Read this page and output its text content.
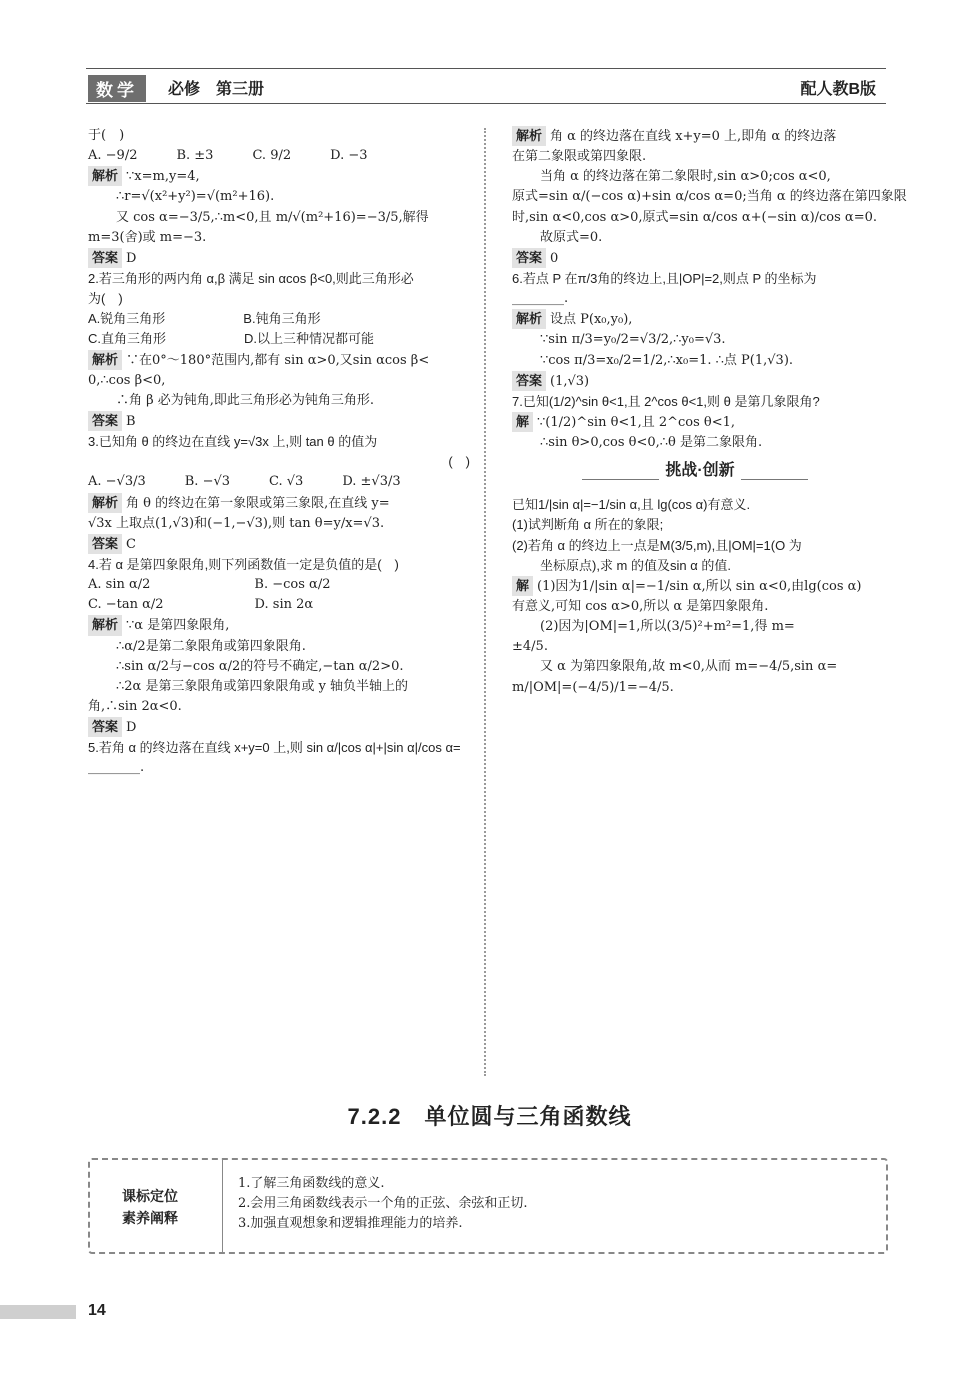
数学	必修　第三册	配人教B版
于(　)
A. −9/2　　　B. ±3　　　C. 9/2　　　D. −3
解析 ∵x=m,y=4,
∴r=√(x²+y²)=√(m²+16).
又 cos α=−3/5,∴m<0,且 m/√(m²+16)=−3/5,解得
m=3(舍)或 m=−3.
答案 D
2.若三角形的两内角 α,β 满足 sin αcos β<0,则此三角形必
为(　)
A.锐角三角形　　　　　　B.钝角三角形
C.直角三角形　　　　　　D.以上三种情况都可能
解析 ∵在0°～180°范围内,都有 sin α>0,又sin αcos β<
0,∴cos β<0,
∴角 β 必为钝角,即此三角形必为钝角三角形.
答案 B
3.已知角 θ 的终边在直线 y=√3x 上,则 tan θ 的值为
(　)
A. −√3/3　　　B. −√3　　　C. √3　　　D. ±√3/3
解析 角 θ 的终边在第一象限或第三象限,在直线 y=
√3x 上取点(1,√3)和(−1,−√3),则 tan θ=y/x=√3.
答案 C
4.若 α 是第四象限角,则下列函数值一定是负值的是(　)
A. sin α/2　　　　　　　　B. −cos α/2
C. −tan α/2　　　　　　　D. sin 2α
解析 ∵α 是第四象限角,
∴α/2是第二象限角或第四象限角.
∴sin α/2与−cos α/2的符号不确定,−tan α/2>0.
∴2α 是第三象限角或第四象限角或 y 轴负半轴上的
角,∴sin 2α<0.
答案 D
5.若角 α 的终边落在直线 x+y=0 上,则 sin α/|cos α|+|sin α|/cos α=
________.
解析 角 α 的终边落在直线 x+y=0 上,即角 α 的终边落
在第二象限或第四象限.
当角 α 的终边落在第二象限时,sin α>0;cos α<0,
原式=sin α/(−cos α)+sin α/cos α=0;当角 α 的终边落在第四象限
时,sin α<0,cos α>0,原式=sin α/cos α+(−sin α)/cos α=0.
故原式=0.
答案 0
6.若点 P 在π/3角的终边上,且|OP|=2,则点 P 的坐标为
________.
解析 设点 P(x₀,y₀),
∵sin π/3=y₀/2=√3/2,∴y₀=√3.
∵cos π/3=x₀/2=1/2,∴x₀=1. ∴点 P(1,√3).
答案 (1,√3)
7.已知(1/2)^sin θ<1,且 2^cos θ<1,则 θ 是第几象限角?
解 ∵(1/2)^sin θ<1,且 2^cos θ<1,
∴sin θ>0,cos θ<0,∴θ 是第二象限角.
挑战·创新
已知1/|sin α|=−1/sin α,且 lg(cos α)有意义.
(1)试判断角 α 所在的象限;
(2)若角 α 的终边上一点是M(3/5,m),且|OM|=1(O 为
坐标原点),求 m 的值及sin α 的值.
解 (1)因为1/|sin α|=−1/sin α,所以 sin α<0,由lg(cos α)
有意义,可知 cos α>0,所以 α 是第四象限角.
(2)因为|OM|=1,所以(3/5)²+m²=1,得 m=
±4/5.
又 α 为第四象限角,故 m<0,从而 m=−4/5,sin α=
m/|OM|=(−4/5)/1=−4/5.
7.2.2　单位圆与三角函数线
课标定位
素养阐释
1.了解三角函数线的意义.
2.会用三角函数线表示一个角的正弦、余弦和正切.
3.加强直观想象和逻辑推理能力的培养.
14
